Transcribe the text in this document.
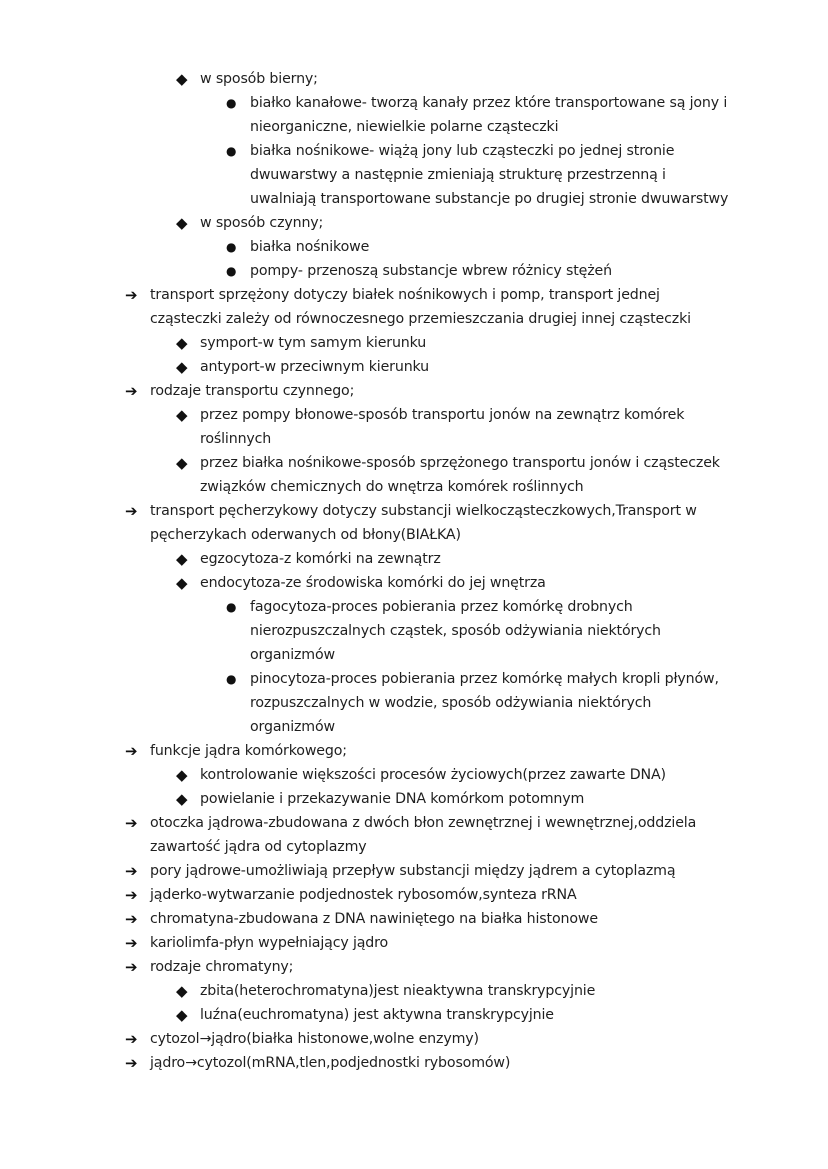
◆ w sposób bierny;
● białko kanałowe- tworzą kanały przez które transportowane są jony i nieorganiczne, niewielkie polarne cząsteczki
● białka nośnikowe- wiążą jony lub cząsteczki po jednej stronie dwuwarstwy a następnie zmieniają strukturę przestrzenną i uwalniają transportowane substancje po drugiej stronie dwuwarstwy
◆ w sposób czynny;
● białka nośnikowe
● pompy- przenoszą substancje wbrew różnicy stężeń
➔ transport sprzężony dotyczy białek nośnikowych i pomp, transport jednej cząsteczki zależy od równoczesnego przemieszczania drugiej innej cząsteczki
◆ symport-w tym samym kierunku
◆ antyport-w przeciwnym kierunku
➔ rodzaje transportu czynnego;
◆ przez pompy błonowe-sposób transportu jonów na zewnątrz komórek roślinnych
◆ przez białka nośnikowe-sposób sprzężonego transportu jonów i cząsteczek związków chemicznych do wnętrza komórek roślinnych
➔ transport pęcherzykowy dotyczy substancji wielkocząsteczkowych,Transport w pęcherzykach oderwanych od błony(BIAŁKA)
◆ egzocytoza-z komórki na zewnątrz
◆ endocytoza-ze środowiska komórki do jej wnętrza
● fagocytoza-proces pobierania przez komórkę drobnych nierozpuszczalnych cząstek, sposób odżywiania niektórych organizmów
● pinocytoza-proces pobierania przez komórkę małych kropli płynów, rozpuszczalnych w wodzie, sposób odżywiania niektórych organizmów
➔ funkcje jądra komórkowego;
◆ kontrolowanie większości procesów życiowych(przez zawarte DNA)
◆ powielanie i przekazywanie DNA komórkom potomnym
➔ otoczka jądrowa-zbudowana z dwóch błon zewnętrznej i wewnętrznej,oddziela zawartość jądra od cytoplazmy
➔ pory jądrowe-umożliwiają przepływ substancji między jądrem a cytoplazmą
➔ jąderko-wytwarzanie podjednostek rybosomów,synteza rRNA
➔ chromatyna-zbudowana z DNA nawiniętego na białka histonowe
➔ kariolimfa-płyn wypełniający jądro
➔ rodzaje chromatyny;
◆ zbita(heterochromatyna)jest nieaktywna transkrypcyjnie
◆ luźna(euchromatyna) jest aktywna transkrypcyjnie
➔ cytozol→jądro(białka histonowe,wolne enzymy)
➔ jądro→cytozol(mRNA,tlen,podjednostki rybosomów)
